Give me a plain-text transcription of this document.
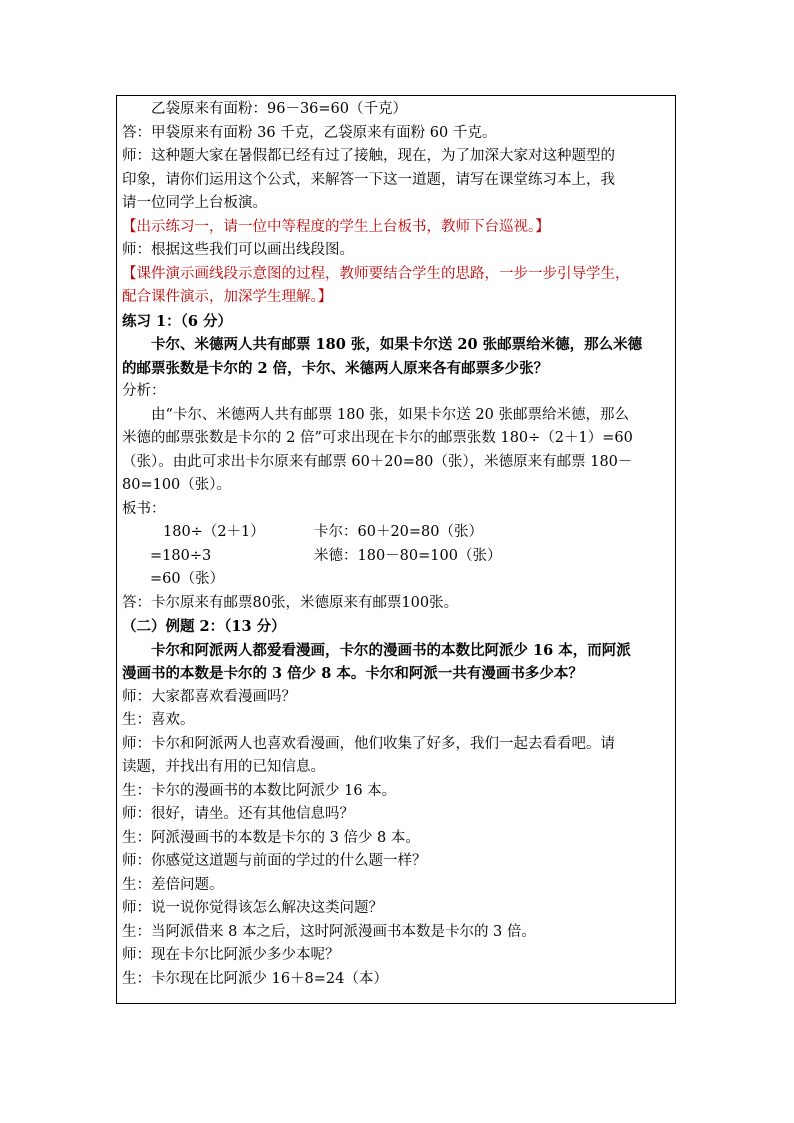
乙袋原来有面粉：96－36=60（千克）
答：甲袋原来有面粉 36 千克，乙袋原来有面粉 60 千克。
师：这种题大家在暑假都已经有过了接触，现在，为了加深大家对这种题型的
印象，请你们运用这个公式，来解答一下这一道题，请写在课堂练习本上，我
请一位同学上台板演。
【出示练习一，请一位中等程度的学生上台板书，教师下台巡视。】
师：根据这些我们可以画出线段图。
【课件演示画线段示意图的过程，教师要结合学生的思路，一步一步引导学生，
配合课件演示，加深学生理解。】
练习 1：（6 分）
卡尔、米德两人共有邮票 180 张，如果卡尔送 20 张邮票给米德，那么米德
的邮票张数是卡尔的 2 倍，卡尔、米德两人原来各有邮票多少张？
分析：
由“卡尔、米德两人共有邮票 180 张，如果卡尔送 20 张邮票给米德，那么
米德的邮票张数是卡尔的 2 倍”可求出现在卡尔的邮票张数 180÷（2＋1）=60
（张）。由此可求出卡尔原来有邮票 60＋20=80（张），米德原来有邮票 180－
80=100（张）。
板书：
180÷（2＋1）	卡尔：60＋20=80（张）
=180÷3	米德：180－80=100（张）
=60（张）
答：卡尔原来有邮票80张，米德原来有邮票100张。
（二）例题 2：（13 分）
卡尔和阿派两人都爱看漫画，卡尔的漫画书的本数比阿派少 16 本，而阿派
漫画书的本数是卡尔的 3 倍少 8 本。卡尔和阿派一共有漫画书多少本？
师：大家都喜欢看漫画吗？
生：喜欢。
师：卡尔和阿派两人也喜欢看漫画，他们收集了好多，我们一起去看看吧。请
读题，并找出有用的已知信息。
生：卡尔的漫画书的本数比阿派少 16 本。
师：很好，请坐。还有其他信息吗？
生：阿派漫画书的本数是卡尔的 3 倍少 8 本。
师：你感觉这道题与前面的学过的什么题一样？
生：差倍问题。
师：说一说你觉得该怎么解决这类问题？
生：当阿派借来 8 本之后，这时阿派漫画书本数是卡尔的 3 倍。
师：现在卡尔比阿派少多少本呢？
生：卡尔现在比阿派少 16＋8=24（本）
